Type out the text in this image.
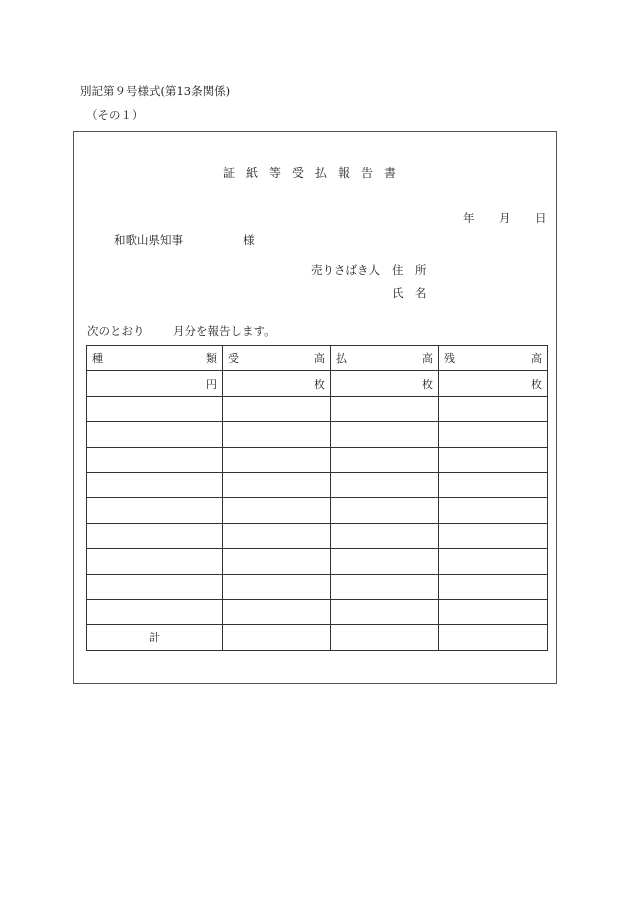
別記第９号様式(第13条関係)
（その１）
証紙等受払報告書
年 月 日
和歌山県知事	様
売りさばき人 住　所
氏　名
次のとおり 月分を報告します。
種 類	受 高	払 高	残 高

円	枚	枚	枚

計			
